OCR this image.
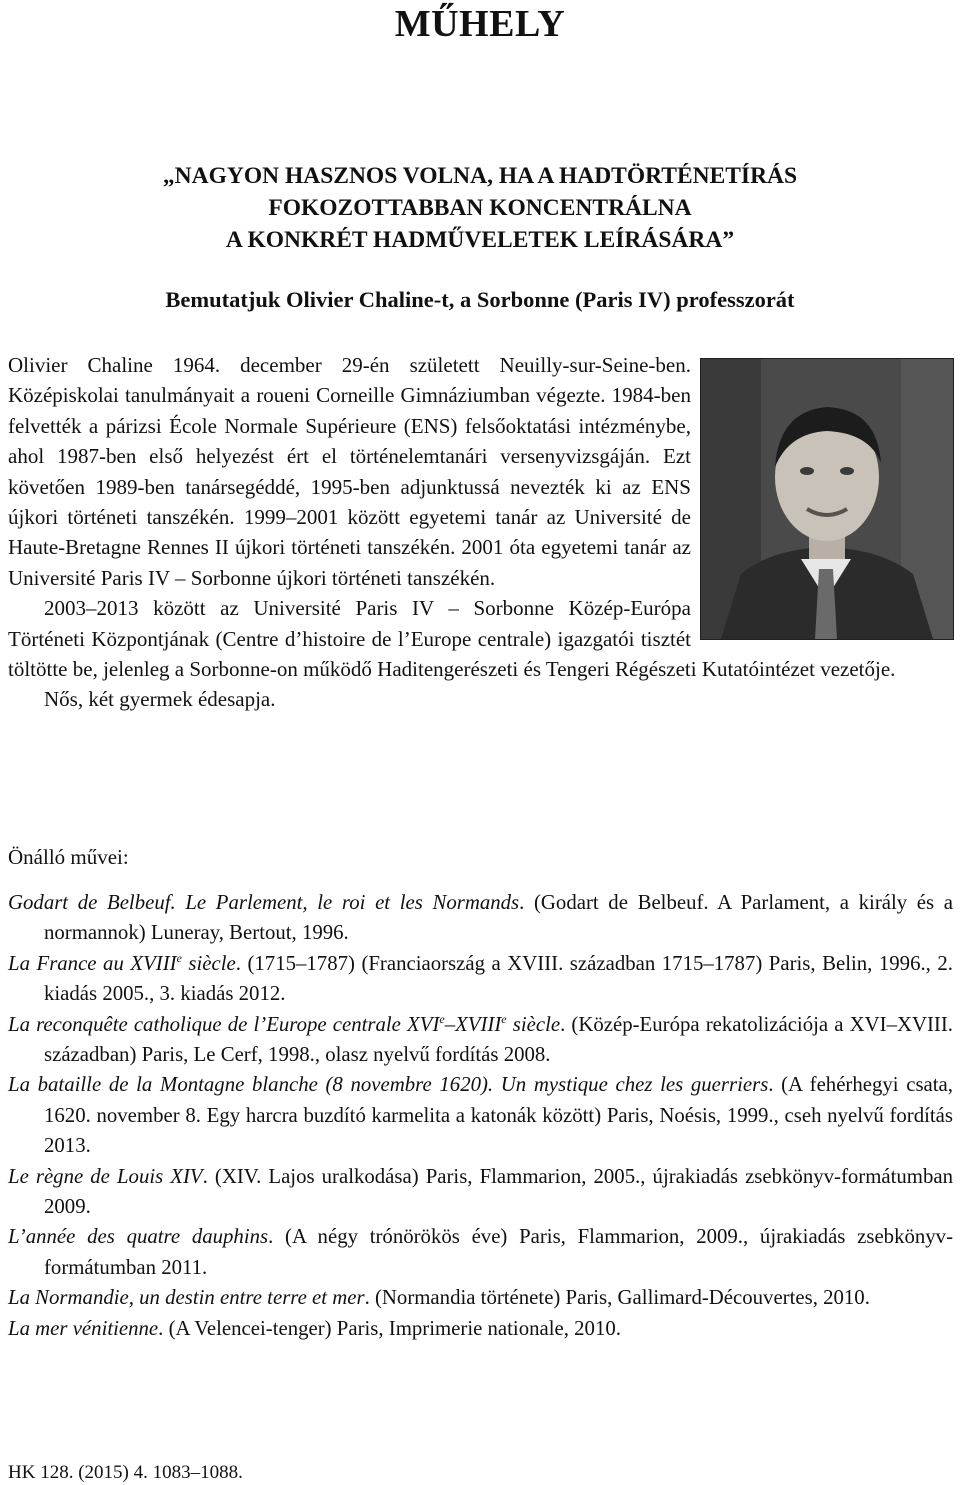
MŰHELY
„NAGYON HASZNOS VOLNA, HA A HADTÖRTÉNETÍRÁS
FOKOZOTTABBAN KONCENTRÁLNA
A KONKRÉT HADMŰVELETEK LEÍRÁSÁRA”
Bemutatjuk Olivier Chaline-t, a Sorbonne (Paris IV) professzorát

Olivier Chaline 1964. december 29-én született Neuilly-sur-Seine-ben. Középiskolai tanulmányait a roueni Corneille Gimnáziumban végezte. 1984-ben felvették a párizsi École Normale Supérieure (ENS) felsőoktatási intézménybe, ahol 1987-ben első helyezést ért el történelemtanári versenyvizsgáján. Ezt követően 1989-ben tanársegéddé, 1995-ben adjunktussá nevezték ki az ENS újkori történeti tanszékén. 1999–2001 között egyetemi tanár az Université de Haute-Bretagne Rennes II újkori történeti tanszékén. 2001 óta egyetemi tanár az Université Paris IV – Sorbonne újkori történeti tanszékén.

2003–2013 között az Université Paris IV – Sorbonne Közép-Európa Történeti Központjának (Centre d’histoire de l’Europe centrale) igazgatói tisztét töltötte be, jelenleg a Sorbonne-on működő Haditengerészeti és Tengeri Régészeti Kutatóintézet vezetője.

Nős, két gyermek édesapja.

Önálló művei:

Godart de Belbeuf. Le Parlement, le roi et les Normands. (Godart de Belbeuf. A Parlament, a király és a normannok) Luneray, Bertout, 1996.
La France au XVIIIe siècle. (1715–1787) (Franciaország a XVIII. században 1715–1787) Paris, Belin, 1996., 2. kiadás 2005., 3. kiadás 2012.
La reconquête catholique de l’Europe centrale XVIe–XVIIIe siècle. (Közép-Európa rekatolizációja a XVI–XVIII. században) Paris, Le Cerf, 1998., olasz nyelvű fordítás 2008.
La bataille de la Montagne blanche (8 novembre 1620). Un mystique chez les guerriers. (A fehérhegyi csata, 1620. november 8. Egy harcra buzdító karmelita a katonák között) Paris, Noésis, 1999., cseh nyelvű fordítás 2013.
Le règne de Louis XIV. (XIV. Lajos uralkodása) Paris, Flammarion, 2005., újrakiadás zsebkönyv-formátumban 2009.
L’année des quatre dauphins. (A négy trónörökös éve) Paris, Flammarion, 2009., újrakiadás zsebkönyv-formátumban 2011.
La Normandie, un destin entre terre et mer. (Normandia története) Paris, Gallimard-Découvertes, 2010.
La mer vénitienne. (A Velencei-tenger) Paris, Imprimerie nationale, 2010.

HK 128. (2015) 4. 1083–1088.
